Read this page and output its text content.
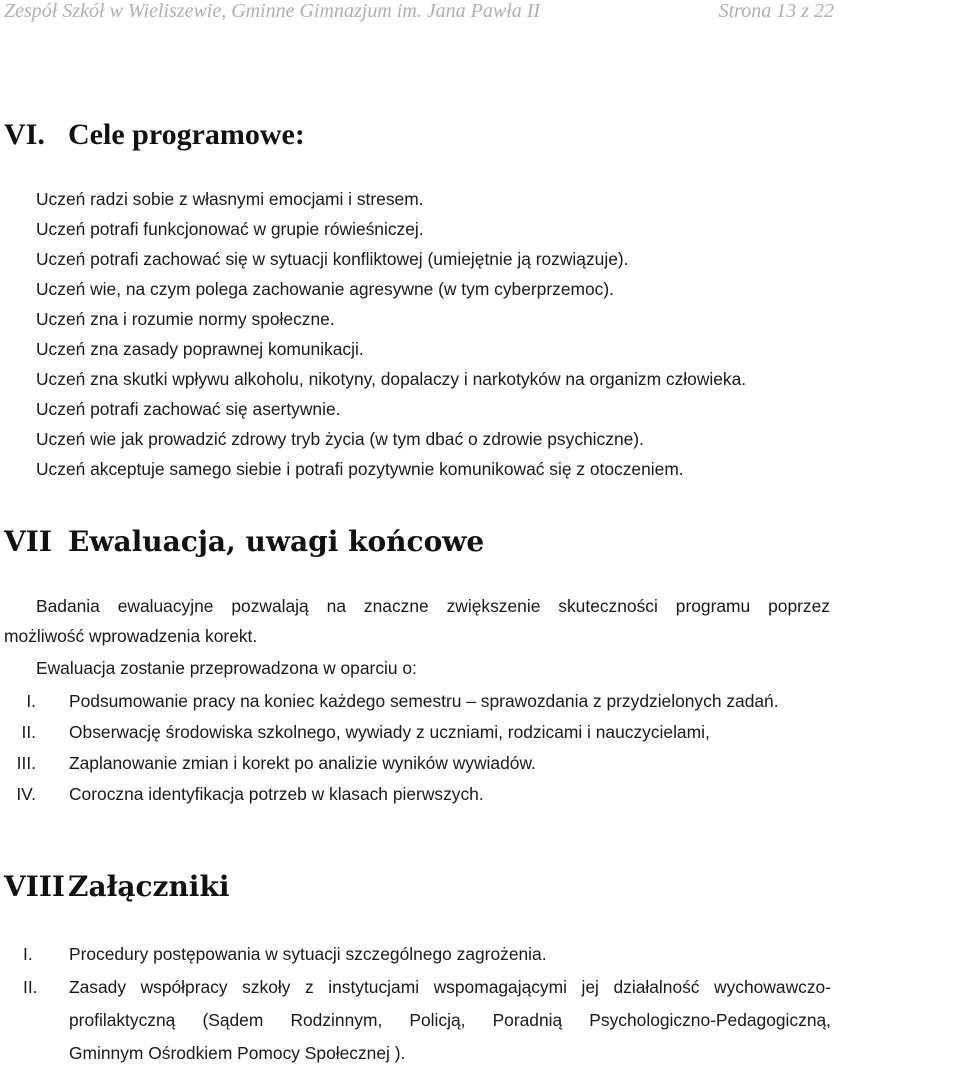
Zespół Szkół w Wieliszewie, Gminne Gimnazjum im. Jana Pawła II	Strona 13 z 22
VI. Cele programowe:
Uczeń radzi sobie z własnymi emocjami i stresem.
Uczeń potrafi funkcjonować w grupie rówieśniczej.
Uczeń potrafi zachować się w sytuacji konfliktowej (umiejętnie ją rozwiązuje).
Uczeń wie, na czym polega zachowanie agresywne (w tym cyberprzemoc).
Uczeń zna i rozumie normy społeczne.
Uczeń zna zasady poprawnej komunikacji.
Uczeń zna skutki wpływu alkoholu, nikotyny, dopalaczy i narkotyków na organizm człowieka.
Uczeń potrafi zachować się asertywnie.
Uczeń wie jak prowadzić zdrowy tryb życia (w tym dbać o zdrowie psychiczne).
Uczeń akceptuje samego siebie i potrafi pozytywnie komunikować się z otoczeniem.
VII Ewaluacja, uwagi końcowe

Badania ewaluacyjne pozwalają na znaczne zwiększenie skuteczności programu poprzez

możliwość wprowadzenia korekt.

Ewaluacja zostanie przeprowadzona w oparciu o:

I. Podsumowanie pracy na koniec każdego semestru – sprawozdania z przydzielonych zadań.
II. Obserwację środowiska szkolnego, wywiady z uczniami, rodzicami i nauczycielami,
III. Zaplanowanie zmian i korekt po analizie wyników wywiadów.
IV. Coroczna identyfikacja potrzeb w klasach pierwszych.
VIII Załączniki
I. Procedury postępowania w sytuacji szczególnego zagrożenia.
II. Zasady współpracy szkoły z instytucjami wspomagającymi jej działalność wychowawczo-
profilaktyczną (Sądem Rodzinnym, Policją, Poradnią Psychologiczno-Pedagogiczną,
Gminnym Ośrodkiem Pomocy Społecznej ).
